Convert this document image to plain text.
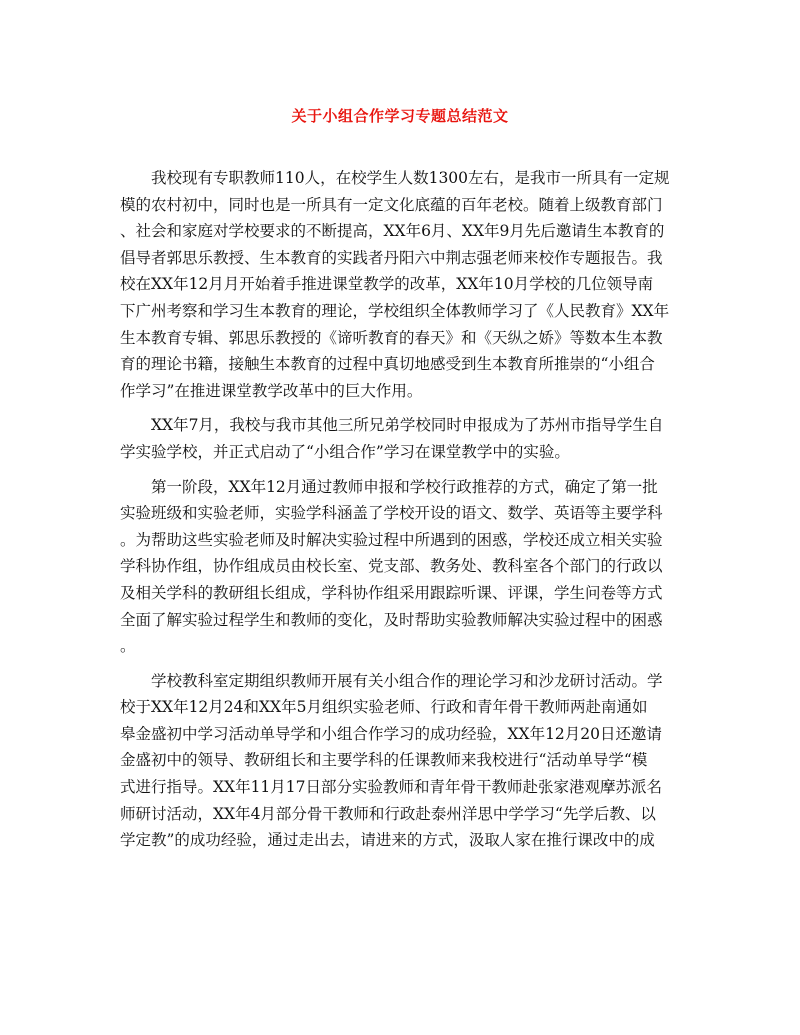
关于小组合作学习专题总结范文
我校现有专职教师110人，在校学生人数1300左右，是我市一所具有一定规
模的农村初中，同时也是一所具有一定文化底蕴的百年老校。随着上级教育部门
、社会和家庭对学校要求的不断提高，XX年6月、XX年9月先后邀请生本教育的
倡导者郭思乐教授、生本教育的实践者丹阳六中荆志强老师来校作专题报告。我
校在XX年12月月开始着手推进课堂教学的改革，XX年10月学校的几位领导南
下广州考察和学习生本教育的理论，学校组织全体教师学习了《人民教育》XX年
生本教育专辑、郭思乐教授的《谛听教育的春天》和《天纵之娇》等数本生本教
育的理论书籍，接触生本教育的过程中真切地感受到生本教育所推崇的“小组合
作学习”在推进课堂教学改革中的巨大作用。
XX年7月，我校与我市其他三所兄弟学校同时申报成为了苏州市指导学生自
学实验学校，并正式启动了“小组合作”学习在课堂教学中的实验。
第一阶段，XX年12月通过教师申报和学校行政推荐的方式，确定了第一批
实验班级和实验老师，实验学科涵盖了学校开设的语文、数学、英语等主要学科
。为帮助这些实验老师及时解决实验过程中所遇到的困惑，学校还成立相关实验
学科协作组，协作组成员由校长室、党支部、教务处、教科室各个部门的行政以
及相关学科的教研组长组成，学科协作组采用跟踪听课、评课，学生问卷等方式
全面了解实验过程学生和教师的变化，及时帮助实验教师解决实验过程中的困惑
。
学校教科室定期组织教师开展有关小组合作的理论学习和沙龙研讨活动。学
校于XX年12月24和XX年5月组织实验老师、行政和青年骨干教师两赴南通如
皋金盛初中学习活动单导学和小组合作学习的成功经验，XX年12月20日还邀请
金盛初中的领导、教研组长和主要学科的任课教师来我校进行“活动单导学“模
式进行指导。XX年11月17日部分实验教师和青年骨干教师赴张家港观摩苏派名
师研讨活动，XX年4月部分骨干教师和行政赴泰州洋思中学学习“先学后教、以
学定教”的成功经验，通过走出去，请进来的方式，汲取人家在推行课改中的成
